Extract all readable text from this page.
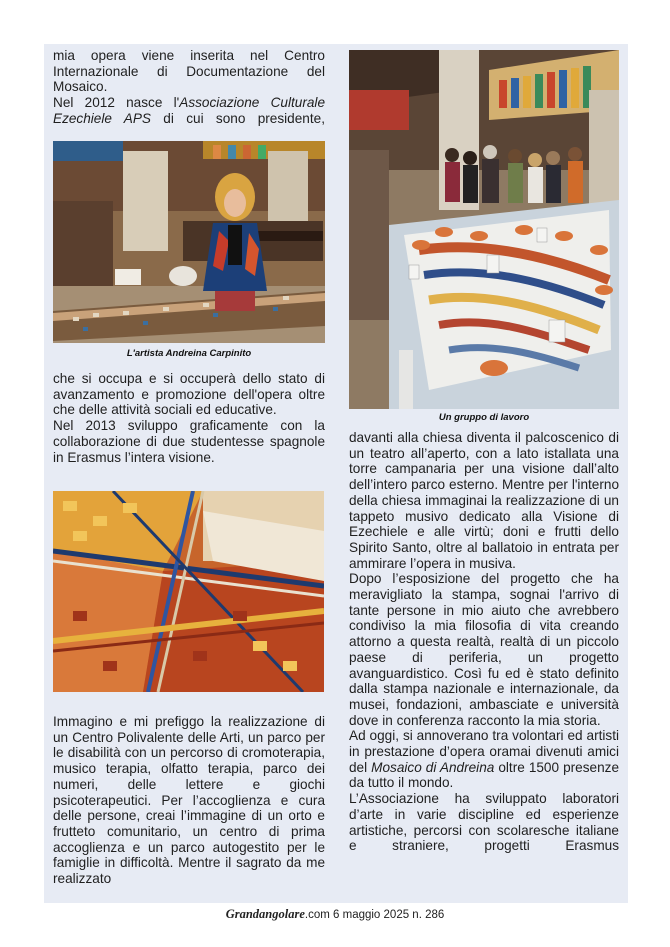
mia opera viene inserita nel Centro Internazionale di Documentazione del Mosaico.

Nel 2012 nasce l'Associazione Culturale Ezechiele APS di cui sono presidente,

L'artista Andreina Carpinito

che si occupa e si occuperà dello stato di avanzamento e promozione dell'opera oltre che delle attività sociali ed educative.

Nel 2013 sviluppo graficamente con la collaborazione di due studentesse spagnole in Erasmus l’intera visione.

Immagino e mi prefiggo la realizzazione di un Centro Polivalente delle Arti, un parco per le disabilità con un percorso di cromoterapia, musico terapia, olfatto terapia, parco dei numeri, delle lettere e giochi psicoterapeutici. Per l’accoglienza e cura delle persone, creai l’immagine di un orto e frutteto comunitario, un centro di prima accoglienza e un parco autogestito per le famiglie in difficoltà. Mentre il sagrato da me realizzato

Un gruppo di lavoro

davanti alla chiesa diventa il palcoscenico di un teatro all’aperto, con a lato istallata una torre campanaria per una visione dall’alto dell’intero parco esterno. Mentre per l'interno della chiesa immaginai la realizzazione di un tappeto musivo dedicato alla Visione di Ezechiele e alle virtù; doni e frutti dello Spirito Santo, oltre al ballatoio in entrata per ammirare l’opera in musiva.

Dopo l’esposizione del progetto che ha meravigliato la stampa, sognai l'arrivo di tante persone in mio aiuto che avrebbero condiviso la mia filosofia di vita creando attorno a questa realtà, realtà di un piccolo paese di periferia, un progetto avanguardistico. Così fu ed è stato definito dalla stampa nazionale e internazionale, da musei, fondazioni, ambasciate e università dove in conferenza racconto la mia storia.

Ad oggi, si annoverano tra volontari ed artisti in prestazione d’opera oramai divenuti amici del Mosaico di Andreina oltre 1500 presenze da tutto il mondo.

L’Associazione ha sviluppato laboratori d’arte in varie discipline ed esperienze artistiche, percorsi con scolaresche italiane e straniere, progetti Erasmus

Grandangolare.com 6 maggio 2025 n. 286
